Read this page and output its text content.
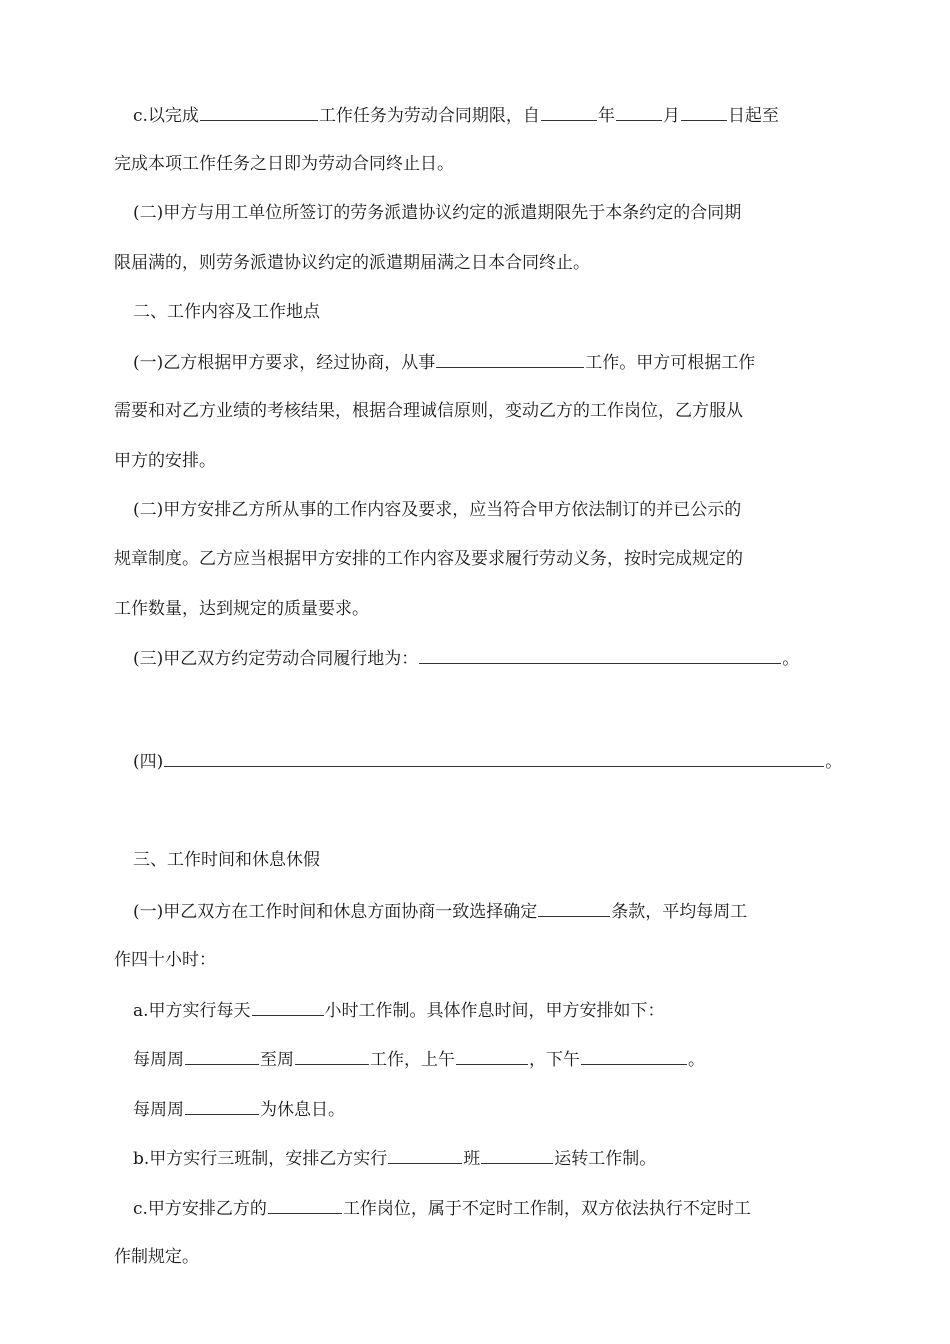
c.以完成	工作任务为劳动合同期限，自	年	月	日起至
完成本项工作任务之日即为劳动合同终止日。
(二)甲方与用工单位所签订的劳务派遣协议约定的派遣期限先于本条约定的合同期
限届满的，则劳务派遣协议约定的派遣期届满之日本合同终止。
二、工作内容及工作地点
(一)乙方根据甲方要求，经过协商，从事	工作。甲方可根据工作
需要和对乙方业绩的考核结果，根据合理诚信原则，变动乙方的工作岗位，乙方服从
甲方的安排。
(二)甲方安排乙方所从事的工作内容及要求，应当符合甲方依法制订的并已公示的
规章制度。乙方应当根据甲方安排的工作内容及要求履行劳动义务，按时完成规定的
工作数量，达到规定的质量要求。
(三)甲乙双方约定劳动合同履行地为：	。
(四)	。
三、工作时间和休息休假
(一)甲乙双方在工作时间和休息方面协商一致选择确定	条款，平均每周工
作四十小时：
a.甲方实行每天	小时工作制。具体作息时间，甲方安排如下：
每周周	至周	工作，上午	，下午	。
每周周	为休息日。
b.甲方实行三班制，安排乙方实行	班	运转工作制。
c.甲方安排乙方的	工作岗位，属于不定时工作制，双方依法执行不定时工
作制规定。
